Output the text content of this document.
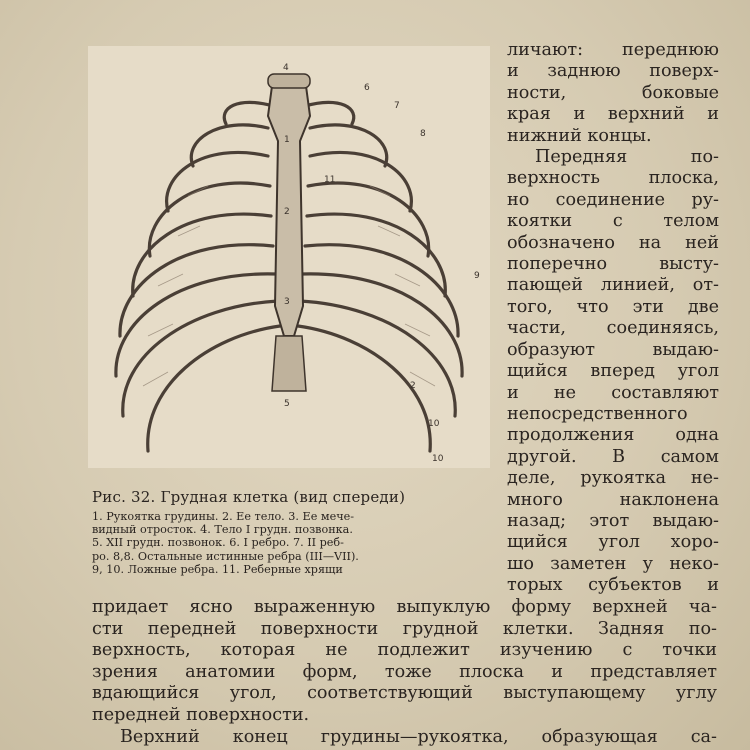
4
1
2
3
5
6
7
8
9
10
11
2
10
Рис. 32. Грудная клетка (вид спереди)
1. Рукоятка грудины. 2. Ее тело. 3. Ее мече-
видный отросток. 4. Тело I грудн. позвонка.
5. XII грудн. позвонок. 6. I ребро. 7. II реб-
ро. 8,8. Остальные истинные ребра (III—VII).
9, 10. Ложные ребра. 11. Реберные хрящи
личают: переднюю
и заднюю поверх-
ности, боковые
края и верхний и
нижний концы.
Передняя по-
верхность плоска,
но соединение ру-
коятки с телом
обозначено на ней
поперечно высту-
пающей линией, от-
того, что эти две
части, соединяясь,
образуют выдаю-
щийся вперед угол
и не составляют
непосредственного
продолжения одна
другой. В самом
деле, рукоятка не-
много наклонена
назад; этот выдаю-
щийся угол хоро-
шо заметен у неко-
торых субъектов и
придает ясно выраженную выпуклую форму верхней ча-
сти передней поверхности грудной клетки. Задняя по-
верхность, которая не подлежит изучению с точки
зрения анатомии форм, тоже плоска и представляет
вдающийся угол, соответствующий выступающему углу
передней поверхности.
Верхний конец грудины—рукоятка, образующая са-
